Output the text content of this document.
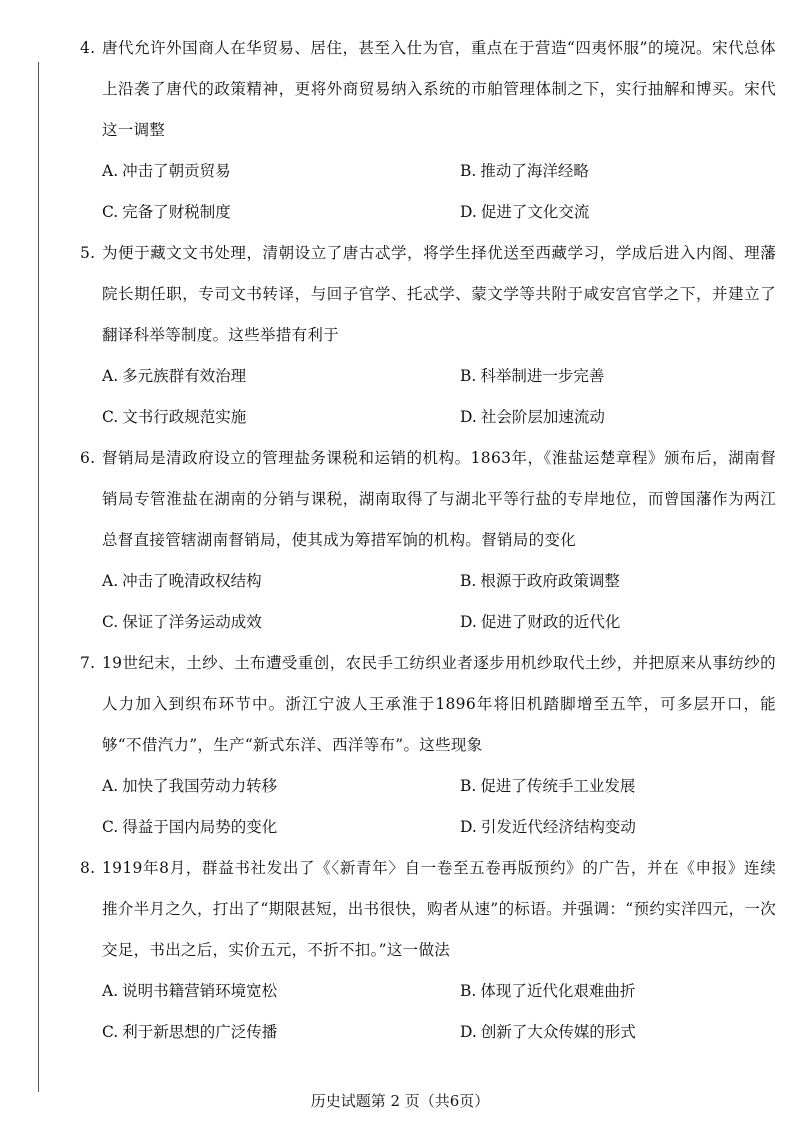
4. 唐代允许外国商人在华贸易、居住，甚至入仕为官，重点在于营造“四夷怀服”的境况。宋代总体上沿袭了唐代的政策精神，更将外商贸易纳入系统的市舶管理体制之下，实行抽解和博买。宋代这一调整
A. 冲击了朝贡贸易	B. 推动了海洋经略
C. 完备了财税制度	D. 促进了文化交流
5. 为便于藏文文书处理，清朝设立了唐古忒学，将学生择优送至西藏学习，学成后进入内阁、理藩院长期任职，专司文书转译，与回子官学、托忒学、蒙文学等共附于咸安宫官学之下，并建立了翻译科举等制度。这些举措有利于
A. 多元族群有效治理	B. 科举制进一步完善
C. 文书行政规范实施	D. 社会阶层加速流动
6. 督销局是清政府设立的管理盐务课税和运销的机构。1863年，《淮盐运楚章程》颁布后，湖南督销局专管淮盐在湖南的分销与课税，湖南取得了与湖北平等行盐的专岸地位，而曾国藩作为两江总督直接管辖湖南督销局，使其成为筹措军饷的机构。督销局的变化
A. 冲击了晚清政权结构	B. 根源于政府政策调整
C. 保证了洋务运动成效	D. 促进了财政的近代化
7. 19世纪末，土纱、土布遭受重创，农民手工纺织业者逐步用机纱取代土纱，并把原来从事纺纱的人力加入到织布环节中。浙江宁波人王承淮于1896年将旧机踏脚增至五竿，可多层开口，能够“不借汽力”，生产“新式东洋、西洋等布”。这些现象
A. 加快了我国劳动力转移	B. 促进了传统手工业发展
C. 得益于国内局势的变化	D. 引发近代经济结构变动
8. 1919年8月，群益书社发出了《〈新青年〉自一卷至五卷再版预约》的广告，并在《申报》连续推介半月之久，打出了“期限甚短，出书很快，购者从速”的标语。并强调：“预约实洋四元，一次交足，书出之后，实价五元，不折不扣。”这一做法
A. 说明书籍营销环境宽松	B. 体现了近代化艰难曲折
C. 利于新思想的广泛传播	D. 创新了大众传媒的形式
历史试题第 2 页（共6页）
